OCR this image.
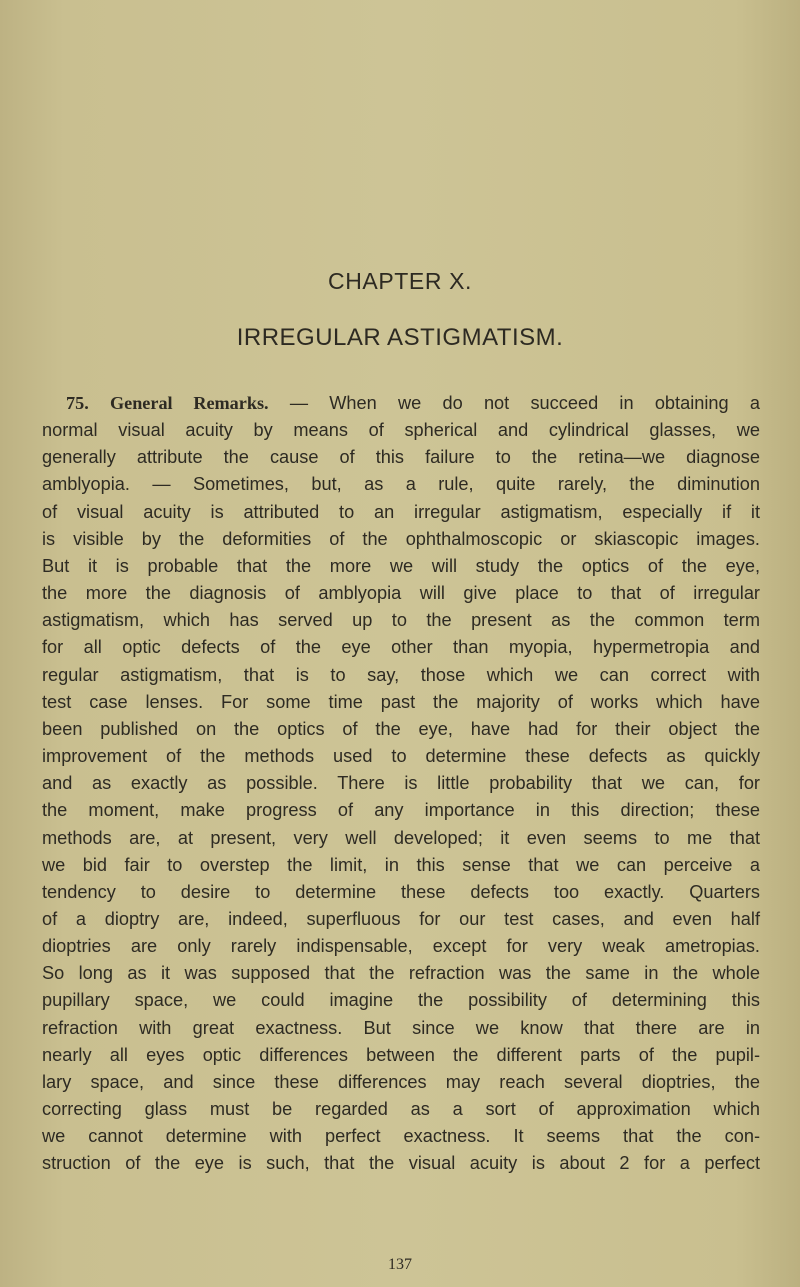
CHAPTER X.
IRREGULAR ASTIGMATISM.
75. General Remarks. — When we do not succeed in obtaining a
normal visual acuity by means of spherical and cylindrical glasses, we
generally attribute the cause of this failure to the retina—we diagnose
amblyopia. — Sometimes, but, as a rule, quite rarely, the diminution
of visual acuity is attributed to an irregular astigmatism, especially if it
is visible by the deformities of the ophthalmoscopic or skiascopic images.
But it is probable that the more we will study the optics of the eye,
the more the diagnosis of amblyopia will give place to that of irregular
astigmatism, which has served up to the present as the common term
for all optic defects of the eye other than myopia, hypermetropia and
regular astigmatism, that is to say, those which we can correct with
test case lenses. For some time past the majority of works which have
been published on the optics of the eye, have had for their object the
improvement of the methods used to determine these defects as quickly
and as exactly as possible. There is little probability that we can, for
the moment, make progress of any importance in this direction; these
methods are, at present, very well developed; it even seems to me that
we bid fair to overstep the limit, in this sense that we can perceive a
tendency to desire to determine these defects too exactly. Quarters
of a dioptry are, indeed, superfluous for our test cases, and even half
dioptries are only rarely indispensable, except for very weak ametropias.
So long as it was supposed that the refraction was the same in the whole
pupillary space, we could imagine the possibility of determining this
refraction with great exactness. But since we know that there are in
nearly all eyes optic differences between the different parts of the pupil-
lary space, and since these differences may reach several dioptries, the
correcting glass must be regarded as a sort of approximation which
we cannot determine with perfect exactness. It seems that the con-
struction of the eye is such, that the visual acuity is about 2 for a perfect
137
